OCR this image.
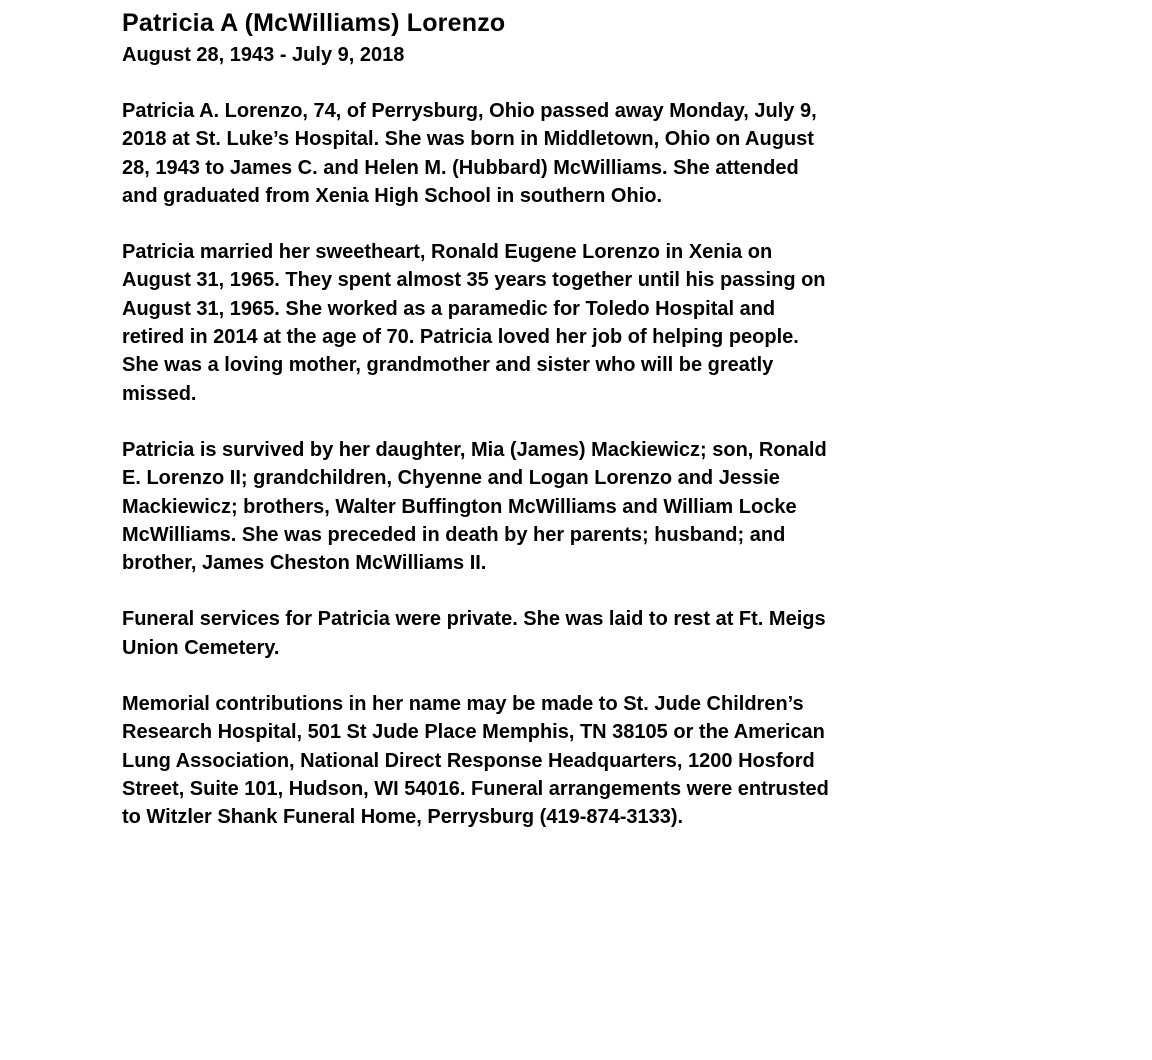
Patricia A (McWilliams) Lorenzo
August 28, 1943 - July 9, 2018
Patricia A. Lorenzo, 74, of Perrysburg, Ohio passed away Monday, July 9,
2018 at St. Luke’s Hospital. She was born in Middletown, Ohio on August
28, 1943 to James C. and Helen M. (Hubbard) McWilliams. She attended
and graduated from Xenia High School in southern Ohio.
Patricia married her sweetheart, Ronald Eugene Lorenzo in Xenia on
August 31, 1965. They spent almost 35 years together until his passing on
August 31, 1965. She worked as a paramedic for Toledo Hospital and
retired in 2014 at the age of 70. Patricia loved her job of helping people.
She was a loving mother, grandmother and sister who will be greatly
missed.
Patricia is survived by her daughter, Mia (James) Mackiewicz; son, Ronald
E. Lorenzo II; grandchildren, Chyenne and Logan Lorenzo and Jessie
Mackiewicz; brothers, Walter Buffington McWilliams and William Locke
McWilliams. She was preceded in death by her parents; husband; and
brother, James Cheston McWilliams II.
Funeral services for Patricia were private. She was laid to rest at Ft. Meigs
Union Cemetery.
Memorial contributions in her name may be made to St. Jude Children’s
Research Hospital, 501 St Jude Place Memphis, TN 38105 or the American
Lung Association, National Direct Response Headquarters, 1200 Hosford
Street, Suite 101, Hudson, WI 54016. Funeral arrangements were entrusted
to Witzler Shank Funeral Home, Perrysburg (419-874-3133).
